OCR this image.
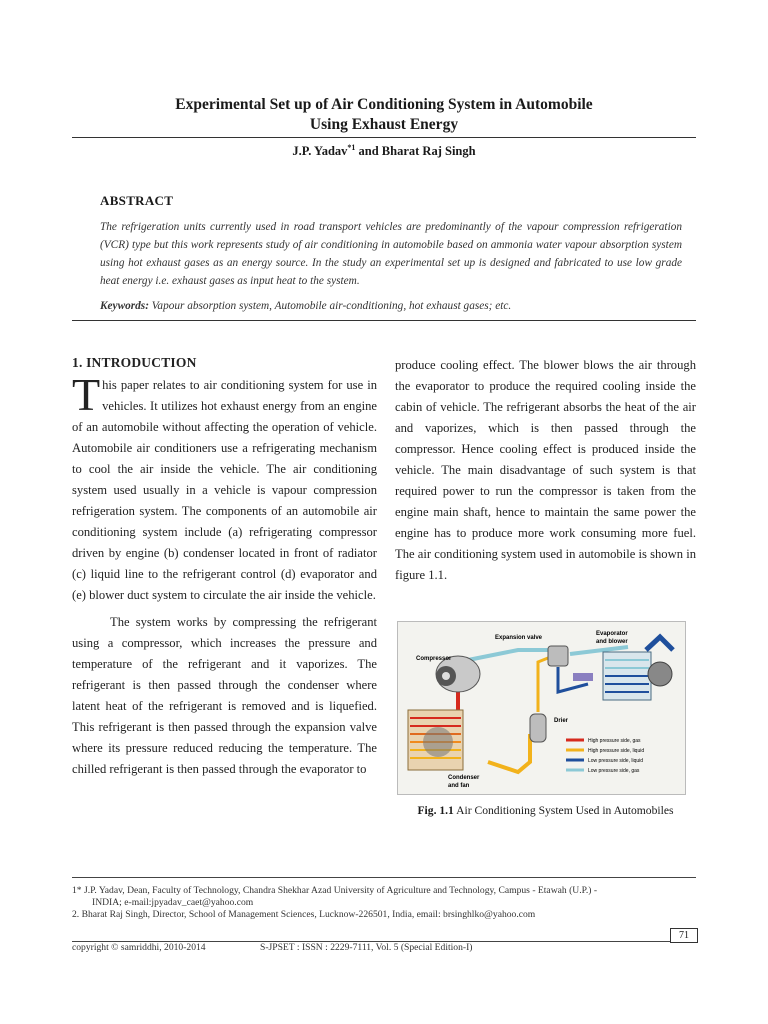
Experimental Set up of Air Conditioning System in Automobile
Using Exhaust Energy
J.P. Yadav$^{*1}$ and Bharat Raj Singh
ABSTRACT
The refrigeration units currently used in road transport vehicles are predominantly of the vapour compression refrigeration (VCR) type but this work represents study of air conditioning in automobile based on ammonia water vapour absorption system using hot exhaust gases as an energy source. In the study an experimental set up is designed and fabricated to use low grade heat energy i.e. exhaust gases as input heat to the system.
Keywords: Vapour absorption system, Automobile air-conditioning, hot exhaust gases; etc.
1. INTRODUCTION

This paper relates to air conditioning system for use in vehicles. It utilizes hot exhaust energy from an engine of an automobile without affecting the operation of vehicle. Automobile air conditioners use a refrigerating mechanism to cool the air inside the vehicle. The air conditioning system used usually in a vehicle is vapour compression refrigeration system. The components of an automobile air conditioning system include (a) refrigerating compressor driven by engine (b) condenser located in front of radiator (c) liquid line to the refrigerant control (d) evaporator and (e) blower duct system to circulate the air inside the vehicle.

The system works by compressing the refrigerant using a compressor, which increases the pressure and temperature of the refrigerant and it vaporizes. The refrigerant is then passed through the condenser where latent heat of the refrigerant is removed and is liquefied. This refrigerant is then passed through the expansion valve where its pressure reduced reducing the temperature. The chilled refrigerant is then passed through the evaporator to

produce cooling effect. The blower blows the air through the evaporator to produce the required cooling inside the cabin of vehicle. The refrigerant absorbs the heat of the air and vaporizes, which is then passed through the compressor. Hence cooling effect is produced inside the vehicle. The main disadvantage of such system is that required power to run the compressor is taken from the engine main shaft, hence to maintain the same power the engine has to produce more work consuming more fuel. The air conditioning system used in automobile is shown in figure 1.1.

Expansion valve
Evaporator
and blower
Compressor
Drier
Condenser
and fan
High pressure side, gas
High pressure side, liquid
Low pressure side, liquid
Low pressure side, gas
Fig. 1.1 Air Conditioning System Used in Automobiles
1* J.P. Yadav, Dean, Faculty of Technology, Chandra Shekhar Azad University of Agriculture and Technology, Campus - Etawah (U.P.) -
INDIA; e-mail:jpyadav_caet@yahoo.com
2. Bharat Raj Singh, Director, School of Management Sciences, Lucknow-226501, India, email: brsinghlko@yahoo.com
71
copyright © samriddhi, 2010-2014	S-JPSET : ISSN : 2229-7111, Vol. 5 (Special Edition-I)
